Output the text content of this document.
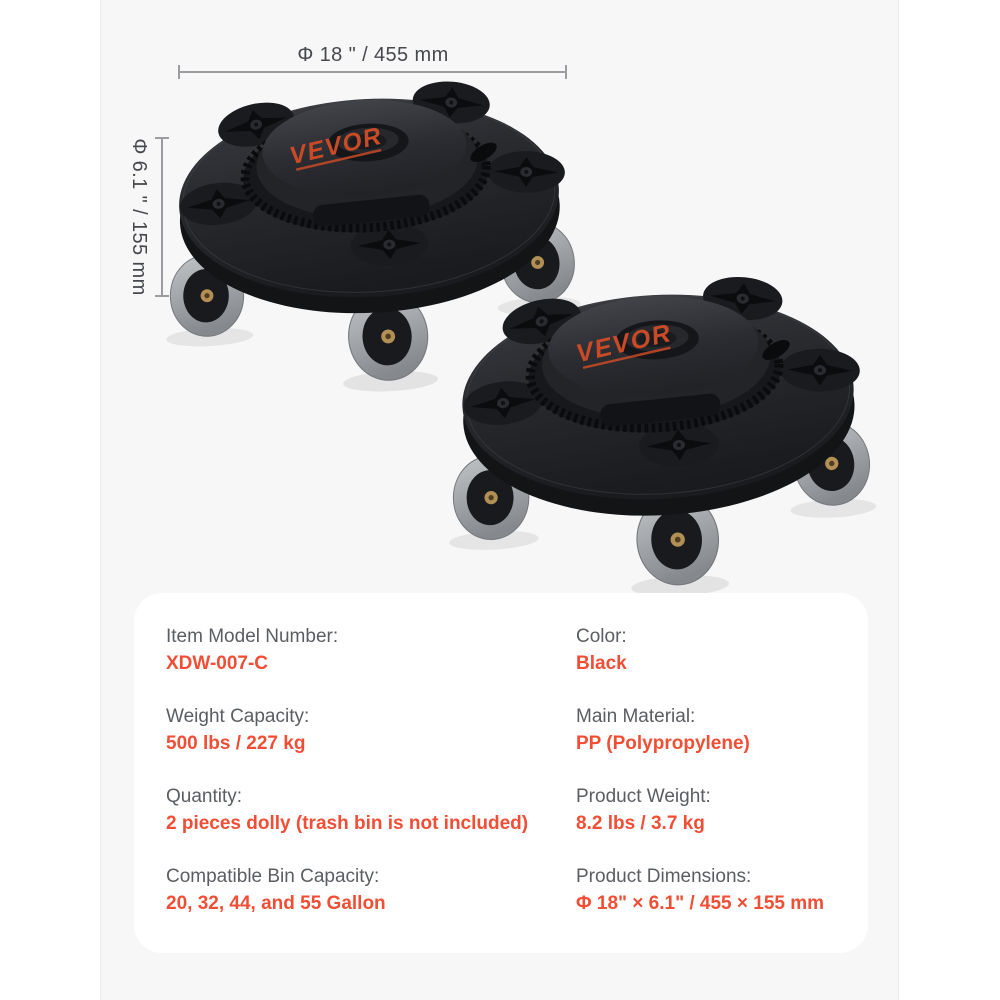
Φ 18 " / 455 mm
Φ 6.1 " / 155 mm
Item Model Number:
XDW-007-C
Weight Capacity:
500 lbs / 227 kg
Quantity:
2 pieces dolly (trash bin is not included)
Compatible Bin Capacity:
20, 32, 44, and 55 Gallon
Color:
Black
Main Material:
PP (Polypropylene)
Product Weight:
8.2 lbs / 3.7 kg
Product Dimensions:
Φ 18" × 6.1" / 455 × 155 mm
